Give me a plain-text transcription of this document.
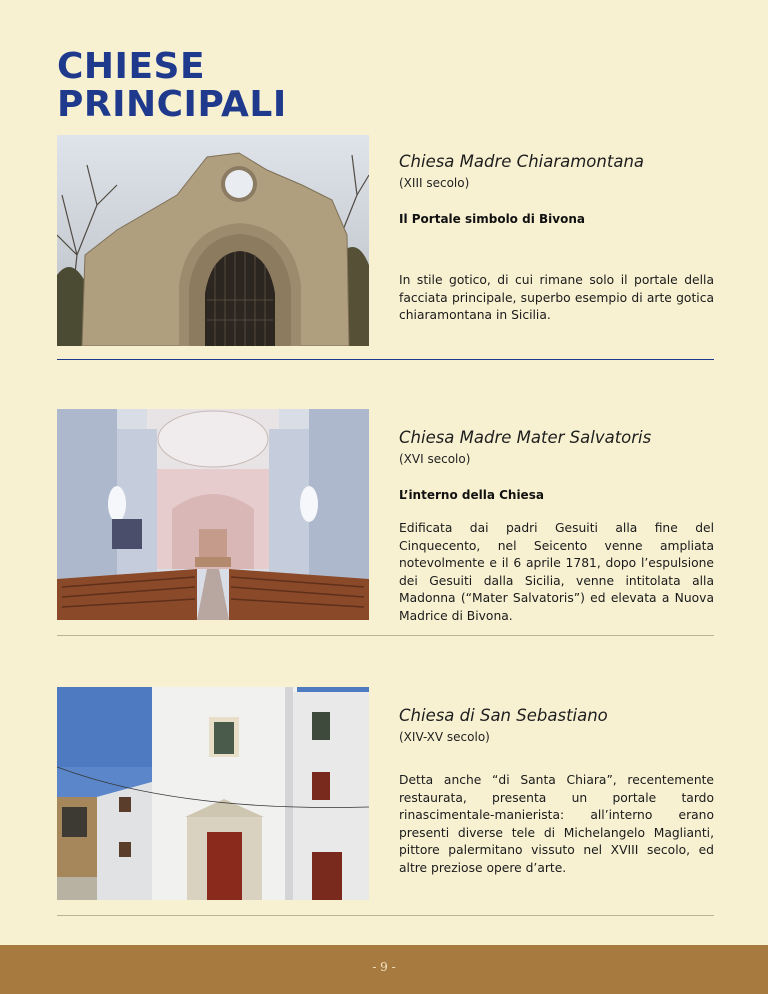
CHIESE
PRINCIPALI

Chiesa Madre Chiaramontana

(XIII secolo)
Il Portale simbolo di Bivona

In stile gotico, di cui rimane solo il portale della facciata principale, superbo esempio di arte gotica chiaramontana in Sicilia.

Chiesa Madre Mater Salvatoris

(XVI secolo)
L’interno della Chiesa

Edificata dai padri Gesuiti alla fine del Cinquecento, nel Seicento venne ampliata notevolmente e il 6 aprile 1781, dopo l’espulsione dei Gesuiti dalla Sicilia, venne intitolata alla Madonna (“Mater Salvatoris”) ed elevata a Nuova Madrice di Bivona.

Chiesa di San Sebastiano

(XIV-XV secolo)

Detta anche “di Santa Chiara”, recentemente restaurata, presenta un portale tardo rinascimentale-manierista: all’interno erano presenti diverse tele di Michelangelo Maglianti, pittore palermitano vissuto nel XVIII secolo, ed altre preziose opere d’arte.

- 9 -
